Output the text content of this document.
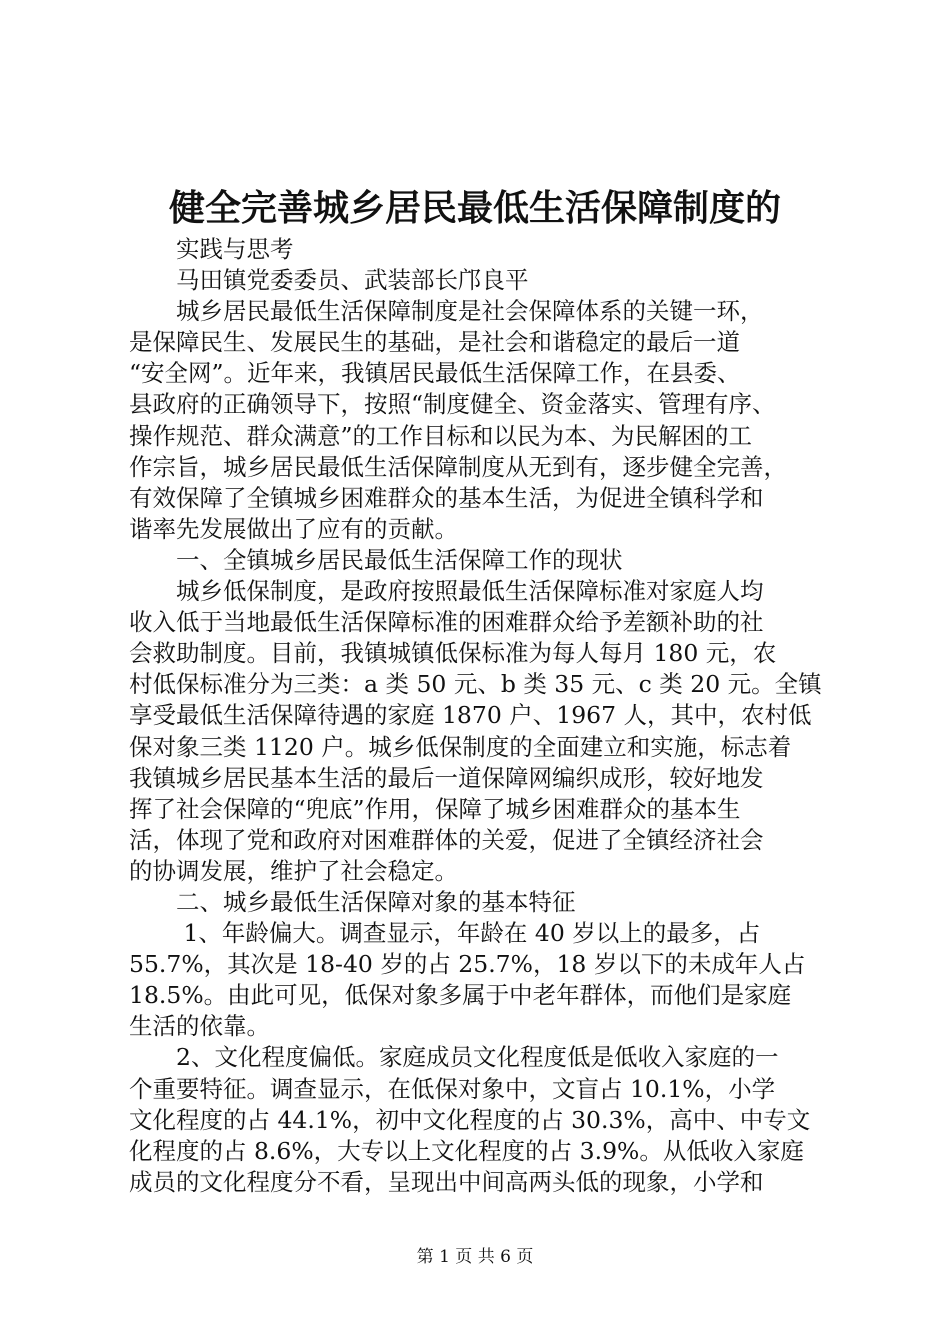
健全完善城乡居民最低生活保障制度的
　　实践与思考
　　马田镇党委委员、武装部长邝良平
　　城乡居民最低生活保障制度是社会保障体系的关键一环，
是保障民生、发展民生的基础，是社会和谐稳定的最后一道
“安全网”。近年来，我镇居民最低生活保障工作，在县委、
县政府的正确领导下，按照“制度健全、资金落实、管理有序、
操作规范、群众满意”的工作目标和以民为本、为民解困的工
作宗旨，城乡居民最低生活保障制度从无到有，逐步健全完善，
有效保障了全镇城乡困难群众的基本生活，为促进全镇科学和
谐率先发展做出了应有的贡献。
　　一、全镇城乡居民最低生活保障工作的现状
　　城乡低保制度，是政府按照最低生活保障标准对家庭人均
收入低于当地最低生活保障标准的困难群众给予差额补助的社
会救助制度。目前，我镇城镇低保标准为每人每月 180 元，农
村低保标准分为三类：a 类 50 元、b 类 35 元、c 类 20 元。全镇
享受最低生活保障待遇的家庭 1870 户、1967 人，其中，农村低
保对象三类 1120 户。城乡低保制度的全面建立和实施，标志着
我镇城乡居民基本生活的最后一道保障网编织成形，较好地发
挥了社会保障的“兜底”作用，保障了城乡困难群众的基本生
活，体现了党和政府对困难群体的关爱，促进了全镇经济社会
的协调发展，维护了社会稳定。
　　二、城乡最低生活保障对象的基本特征
　　 1、年龄偏大。调查显示，年龄在 40 岁以上的最多，占
55.7%，其次是 18-40 岁的占 25.7%，18 岁以下的未成年人占
18.5%。由此可见，低保对象多属于中老年群体，而他们是家庭
生活的依靠。
　　2、文化程度偏低。家庭成员文化程度低是低收入家庭的一
个重要特征。调查显示，在低保对象中，文盲占 10.1%，小学
文化程度的占 44.1%，初中文化程度的占 30.3%，高中、中专文
化程度的占 8.6%，大专以上文化程度的占 3.9%。从低收入家庭
成员的文化程度分不看，呈现出中间高两头低的现象，小学和
第 1 页 共 6 页
